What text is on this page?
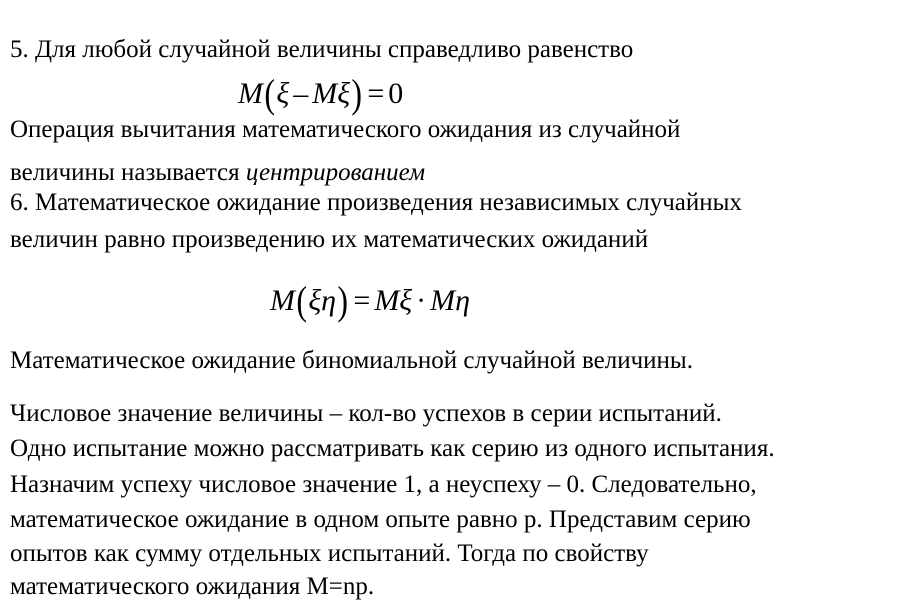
5. Для любой случайной величины справедливо равенство
M ( ξ – M ξ ) = 0
Операция вычитания математического ожидания из случайной
величины называется центрированием
6. Математическое ожидание произведения независимых случайных
величин равно произведению их математических ожиданий
M ( ξη ) = Mξ · Mη
Математическое ожидание биномиальной случайной величины.
Числовое значение величины – кол-во успехов в серии испытаний.
Одно испытание можно рассматривать как серию из одного испытания.
Назначим успеху числовое значение 1, а неуспеху – 0. Следовательно,
математическое ожидание в одном опыте равно р. Представим серию
опытов как сумму отдельных испытаний. Тогда по свойству
математического ожидания М=np.
